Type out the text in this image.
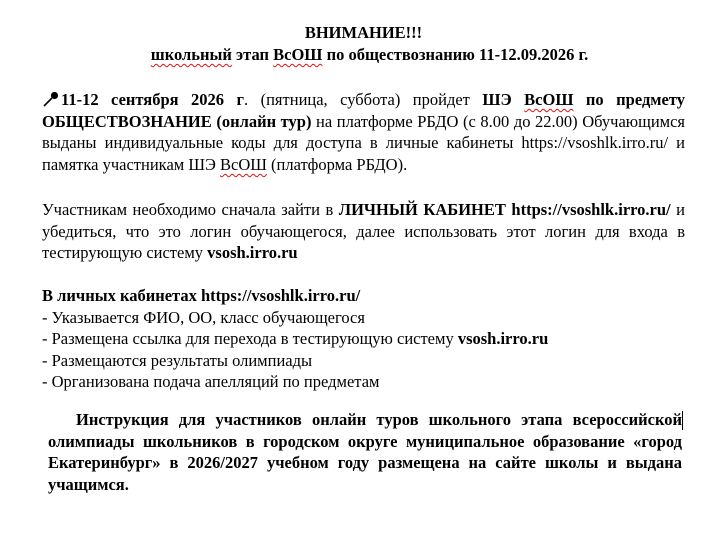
ВНИМАНИЕ!!!
школьный этап ВсОШ по обществознанию 11-12.09.2026 г.
11-12 сентября 2026 г. (пятница, суббота) пройдет ШЭ ВсОШ по предмету ОБЩЕСТВОЗНАНИЕ (онлайн тур) на платформе РБДО (с 8.00 до 22.00) Обучающимся выданы индивидуальные коды для доступа в личные кабинеты https://vsoshlk.irro.ru/ и памятка участникам ШЭ ВсОШ (платформа РБДО).
Участникам необходимо сначала зайти в ЛИЧНЫЙ КАБИНЕТ https://vsoshlk.irro.ru/ и убедиться, что это логин обучающегося, далее использовать этот логин для входа в тестирующую систему vsosh.irro.ru
В личных кабинетах https://vsoshlk.irro.ru/
- Указывается ФИО, ОО, класс обучающегося
- Размещена ссылка для перехода в тестирующую систему vsosh.irro.ru
- Размещаются результаты олимпиады
- Организована подача апелляций по предметам
Инструкция для участников онлайн туров школьного этапа всероссийской олимпиады школьников в городском округе муниципальное образование «город Екатеринбург» в 2026/2027 учебном году размещена на сайте школы и выдана учащимся.
